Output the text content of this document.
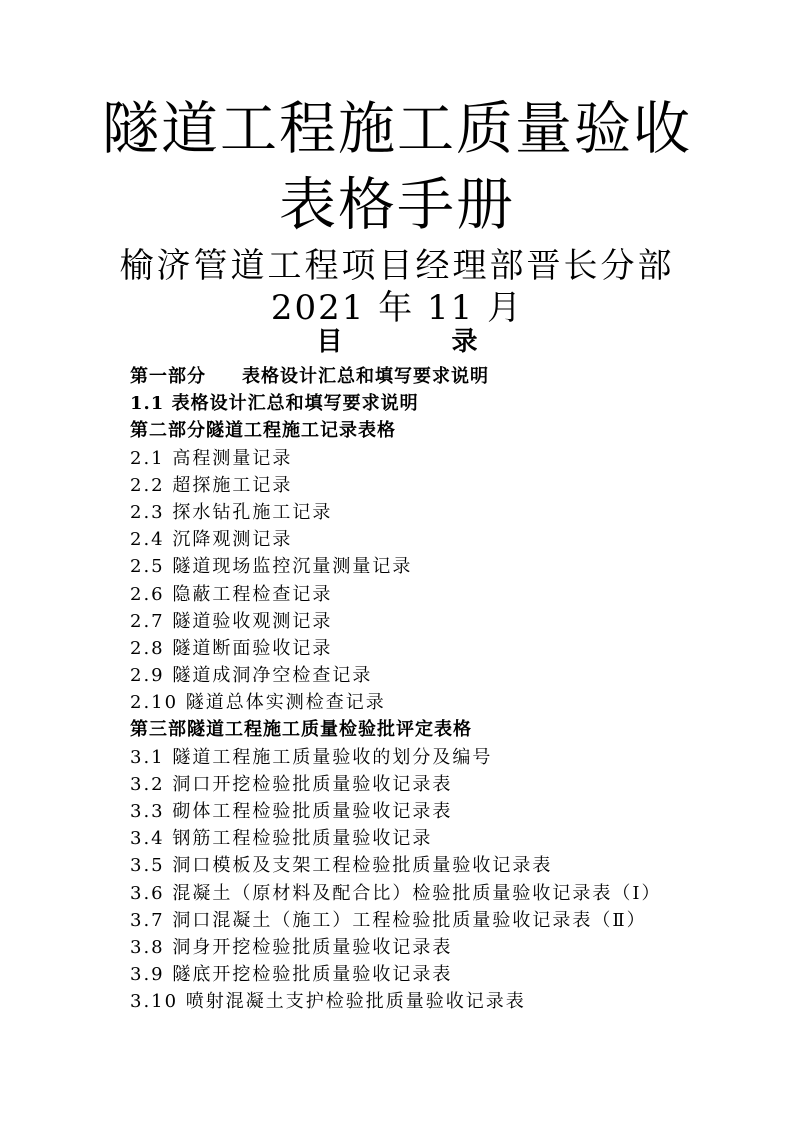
隧道工程施工质量验收
表格手册
榆济管道工程项目经理部晋长分部
2021 年 11 月
目 录
第一部分 表格设计汇总和填写要求说明
1.1 表格设计汇总和填写要求说明
第二部分隧道工程施工记录表格
2.1 高程测量记录
2.2 超探施工记录
2.3 探水钻孔施工记录
2.4 沉降观测记录
2.5 隧道现场监控沉量测量记录
2.6 隐蔽工程检查记录
2.7 隧道验收观测记录
2.8 隧道断面验收记录
2.9 隧道成洞净空检查记录
2.10 隧道总体实测检查记录
第三部隧道工程施工质量检验批评定表格
3.1 隧道工程施工质量验收的划分及编号
3.2 洞口开挖检验批质量验收记录表
3.3 砌体工程检验批质量验收记录表
3.4 钢筋工程检验批质量验收记录
3.5 洞口模板及支架工程检验批质量验收记录表
3.6 混凝土（原材料及配合比）检验批质量验收记录表（Ⅰ）
3.7 洞口混凝土（施工）工程检验批质量验收记录表（Ⅱ）
3.8 洞身开挖检验批质量验收记录表
3.9 隧底开挖检验批质量验收记录表
3.10 喷射混凝土支护检验批质量验收记录表
